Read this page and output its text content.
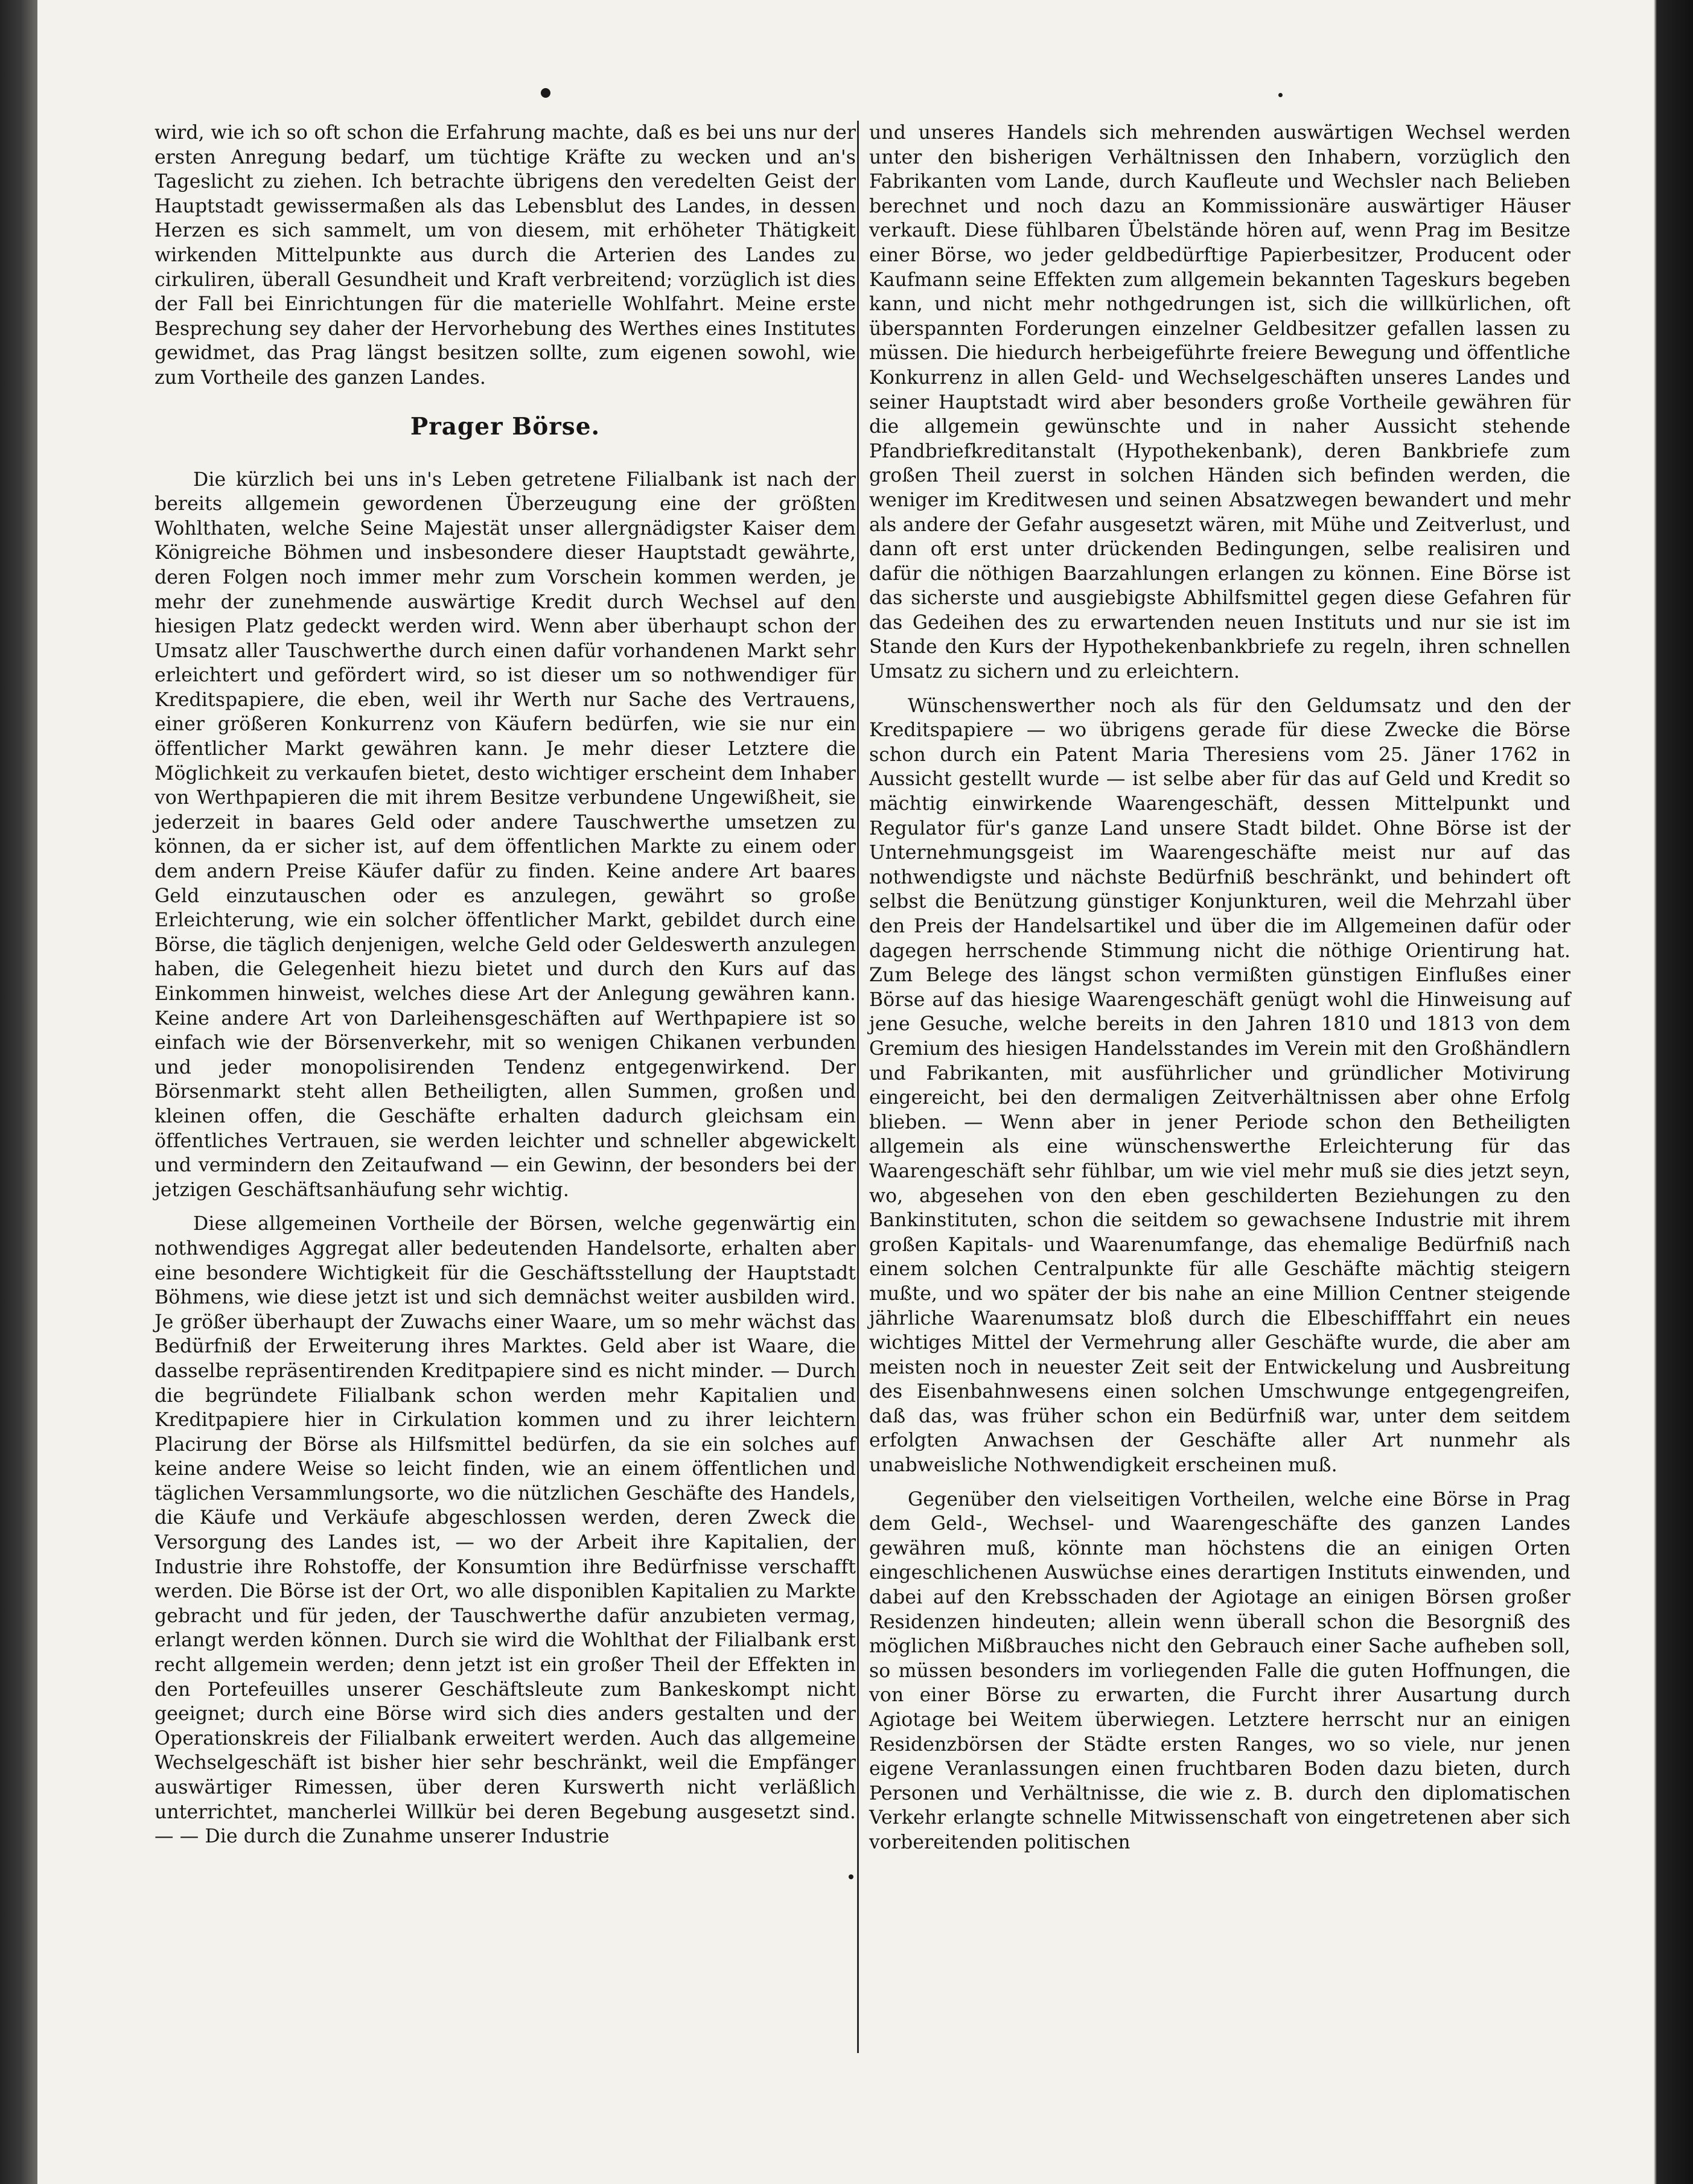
wird, wie ich so oft schon die Erfahrung machte, daß es bei uns nur der ersten Anregung bedarf, um tüchtige Kräfte zu wecken und an's Tageslicht zu ziehen. Ich betrachte übrigens den veredelten Geist der Hauptstadt gewissermaßen als das Lebensblut des Landes, in dessen Herzen es sich sammelt, um von diesem, mit erhöheter Thätigkeit wirkenden Mittelpunkte aus durch die Arterien des Landes zu cirkuliren, überall Gesundheit und Kraft verbreitend; vorzüglich ist dies der Fall bei Einrichtungen für die materielle Wohlfahrt. Meine erste Besprechung sey daher der Hervorhebung des Werthes eines Institutes gewidmet, das Prag längst besitzen sollte, zum eigenen sowohl, wie zum Vortheile des ganzen Landes.

Prager Börse.

Die kürzlich bei uns in's Leben getretene Filialbank ist nach der bereits allgemein gewordenen Überzeugung eine der größten Wohlthaten, welche Seine Majestät unser allergnädigster Kaiser dem Königreiche Böhmen und insbesondere dieser Hauptstadt gewährte, deren Folgen noch immer mehr zum Vorschein kommen werden, je mehr der zunehmende auswärtige Kredit durch Wechsel auf den hiesigen Platz gedeckt werden wird. Wenn aber überhaupt schon der Umsatz aller Tauschwerthe durch einen dafür vorhandenen Markt sehr erleichtert und gefördert wird, so ist dieser um so nothwendiger für Kreditspapiere, die eben, weil ihr Werth nur Sache des Vertrauens, einer größeren Konkurrenz von Käufern bedürfen, wie sie nur ein öffentlicher Markt gewähren kann. Je mehr dieser Letztere die Möglichkeit zu verkaufen bietet, desto wichtiger erscheint dem Inhaber von Werthpapieren die mit ihrem Besitze verbundene Ungewißheit, sie jederzeit in baares Geld oder andere Tauschwerthe umsetzen zu können, da er sicher ist, auf dem öffentlichen Markte zu einem oder dem andern Preise Käufer dafür zu finden. Keine andere Art baares Geld einzutauschen oder es anzulegen, gewährt so große Erleichterung, wie ein solcher öffentlicher Markt, gebildet durch eine Börse, die täglich denjenigen, welche Geld oder Geldeswerth anzulegen haben, die Gelegenheit hiezu bietet und durch den Kurs auf das Einkommen hinweist, welches diese Art der Anlegung gewähren kann. Keine andere Art von Darleihensgeschäften auf Werthpapiere ist so einfach wie der Börsenverkehr, mit so wenigen Chikanen verbunden und jeder monopolisirenden Tendenz entgegenwirkend. Der Börsenmarkt steht allen Betheiligten, allen Summen, großen und kleinen offen, die Geschäfte erhalten dadurch gleichsam ein öffentliches Vertrauen, sie werden leichter und schneller abgewickelt und vermindern den Zeitaufwand — ein Gewinn, der besonders bei der jetzigen Geschäftsanhäufung sehr wichtig.

Diese allgemeinen Vortheile der Börsen, welche gegenwärtig ein nothwendiges Aggregat aller bedeutenden Handelsorte, erhalten aber eine besondere Wichtigkeit für die Geschäftsstellung der Hauptstadt Böhmens, wie diese jetzt ist und sich demnächst weiter ausbilden wird. Je größer überhaupt der Zuwachs einer Waare, um so mehr wächst das Bedürfniß der Erweiterung ihres Marktes. Geld aber ist Waare, die dasselbe repräsentirenden Kreditpapiere sind es nicht minder. — Durch die begründete Filialbank schon werden mehr Kapitalien und Kreditpapiere hier in Cirkulation kommen und zu ihrer leichtern Placirung der Börse als Hilfsmittel bedürfen, da sie ein solches auf keine andere Weise so leicht finden, wie an einem öffentlichen und täglichen Versammlungsorte, wo die nützlichen Geschäfte des Handels, die Käufe und Verkäufe abgeschlossen werden, deren Zweck die Versorgung des Landes ist, — wo der Arbeit ihre Kapitalien, der Industrie ihre Rohstoffe, der Konsumtion ihre Bedürfnisse verschafft werden. Die Börse ist der Ort, wo alle disponiblen Kapitalien zu Markte gebracht und für jeden, der Tauschwerthe dafür anzubieten vermag, erlangt werden können. Durch sie wird die Wohlthat der Filialbank erst recht allgemein werden; denn jetzt ist ein großer Theil der Effekten in den Portefeuilles unserer Geschäftsleute zum Bankeskompt nicht geeignet; durch eine Börse wird sich dies anders gestalten und der Operationskreis der Filialbank erweitert werden. Auch das allgemeine Wechselgeschäft ist bisher hier sehr beschränkt, weil die Empfänger auswärtiger Rimessen, über deren Kurswerth nicht verläßlich unterrichtet, mancherlei Willkür bei deren Begebung ausgesetzt sind. — — Die durch die Zunahme unserer Industrie

und unseres Handels sich mehrenden auswärtigen Wechsel werden unter den bisherigen Verhältnissen den Inhabern, vorzüglich den Fabrikanten vom Lande, durch Kaufleute und Wechsler nach Belieben berechnet und noch dazu an Kommissionäre auswärtiger Häuser verkauft. Diese fühlbaren Übelstände hören auf, wenn Prag im Besitze einer Börse, wo jeder geldbedürftige Papierbesitzer, Producent oder Kaufmann seine Effekten zum allgemein bekannten Tageskurs begeben kann, und nicht mehr nothgedrungen ist, sich die willkürlichen, oft überspannten Forderungen einzelner Geldbesitzer gefallen lassen zu müssen. Die hiedurch herbeigeführte freiere Bewegung und öffentliche Konkurrenz in allen Geld- und Wechselgeschäften unseres Landes und seiner Hauptstadt wird aber besonders große Vortheile gewähren für die allgemein gewünschte und in naher Aussicht stehende Pfandbriefkreditanstalt (Hypothekenbank), deren Bankbriefe zum großen Theil zuerst in solchen Händen sich befinden werden, die weniger im Kreditwesen und seinen Absatzwegen bewandert und mehr als andere der Gefahr ausgesetzt wären, mit Mühe und Zeitverlust, und dann oft erst unter drückenden Bedingungen, selbe realisiren und dafür die nöthigen Baarzahlungen erlangen zu können. Eine Börse ist das sicherste und ausgiebigste Abhilfsmittel gegen diese Gefahren für das Gedeihen des zu erwartenden neuen Instituts und nur sie ist im Stande den Kurs der Hypothekenbankbriefe zu regeln, ihren schnellen Umsatz zu sichern und zu erleichtern.

Wünschenswerther noch als für den Geldumsatz und den der Kreditspapiere — wo übrigens gerade für diese Zwecke die Börse schon durch ein Patent Maria Theresiens vom 25. Jäner 1762 in Aussicht gestellt wurde — ist selbe aber für das auf Geld und Kredit so mächtig einwirkende Waarengeschäft, dessen Mittelpunkt und Regulator für's ganze Land unsere Stadt bildet. Ohne Börse ist der Unternehmungsgeist im Waarengeschäfte meist nur auf das nothwendigste und nächste Bedürfniß beschränkt, und behindert oft selbst die Benützung günstiger Konjunkturen, weil die Mehrzahl über den Preis der Handelsartikel und über die im Allgemeinen dafür oder dagegen herrschende Stimmung nicht die nöthige Orientirung hat. Zum Belege des längst schon vermißten günstigen Einflußes einer Börse auf das hiesige Waarengeschäft genügt wohl die Hinweisung auf jene Gesuche, welche bereits in den Jahren 1810 und 1813 von dem Gremium des hiesigen Handelsstandes im Verein mit den Großhändlern und Fabrikanten, mit ausführlicher und gründlicher Motivirung eingereicht, bei den dermaligen Zeitverhältnissen aber ohne Erfolg blieben. — Wenn aber in jener Periode schon den Betheiligten allgemein als eine wünschenswerthe Erleichterung für das Waarengeschäft sehr fühlbar, um wie viel mehr muß sie dies jetzt seyn, wo, abgesehen von den eben geschilderten Beziehungen zu den Bankinstituten, schon die seitdem so gewachsene Industrie mit ihrem großen Kapitals- und Waarenumfange, das ehemalige Bedürfniß nach einem solchen Centralpunkte für alle Geschäfte mächtig steigern mußte, und wo später der bis nahe an eine Million Centner steigende jährliche Waarenumsatz bloß durch die Elbeschifffahrt ein neues wichtiges Mittel der Vermehrung aller Geschäfte wurde, die aber am meisten noch in neuester Zeit seit der Entwickelung und Ausbreitung des Eisenbahnwesens einen solchen Umschwunge entgegengreifen, daß das, was früher schon ein Bedürfniß war, unter dem seitdem erfolgten Anwachsen der Geschäfte aller Art nunmehr als unabweisliche Nothwendigkeit erscheinen muß.

Gegenüber den vielseitigen Vortheilen, welche eine Börse in Prag dem Geld-, Wechsel- und Waarengeschäfte des ganzen Landes gewähren muß, könnte man höchstens die an einigen Orten eingeschlichenen Auswüchse eines derartigen Instituts einwenden, und dabei auf den Krebsschaden der Agiotage an einigen Börsen großer Residenzen hindeuten; allein wenn überall schon die Besorgniß des möglichen Mißbrauches nicht den Gebrauch einer Sache aufheben soll, so müssen besonders im vorliegenden Falle die guten Hoffnungen, die von einer Börse zu erwarten, die Furcht ihrer Ausartung durch Agiotage bei Weitem überwiegen. Letztere herrscht nur an einigen Residenzbörsen der Städte ersten Ranges, wo so viele, nur jenen eigene Veranlassungen einen fruchtbaren Boden dazu bieten, durch Personen und Verhältnisse, die wie z. B. durch den diplomatischen Verkehr erlangte schnelle Mitwissenschaft von eingetretenen aber sich vorbereitenden politischen
